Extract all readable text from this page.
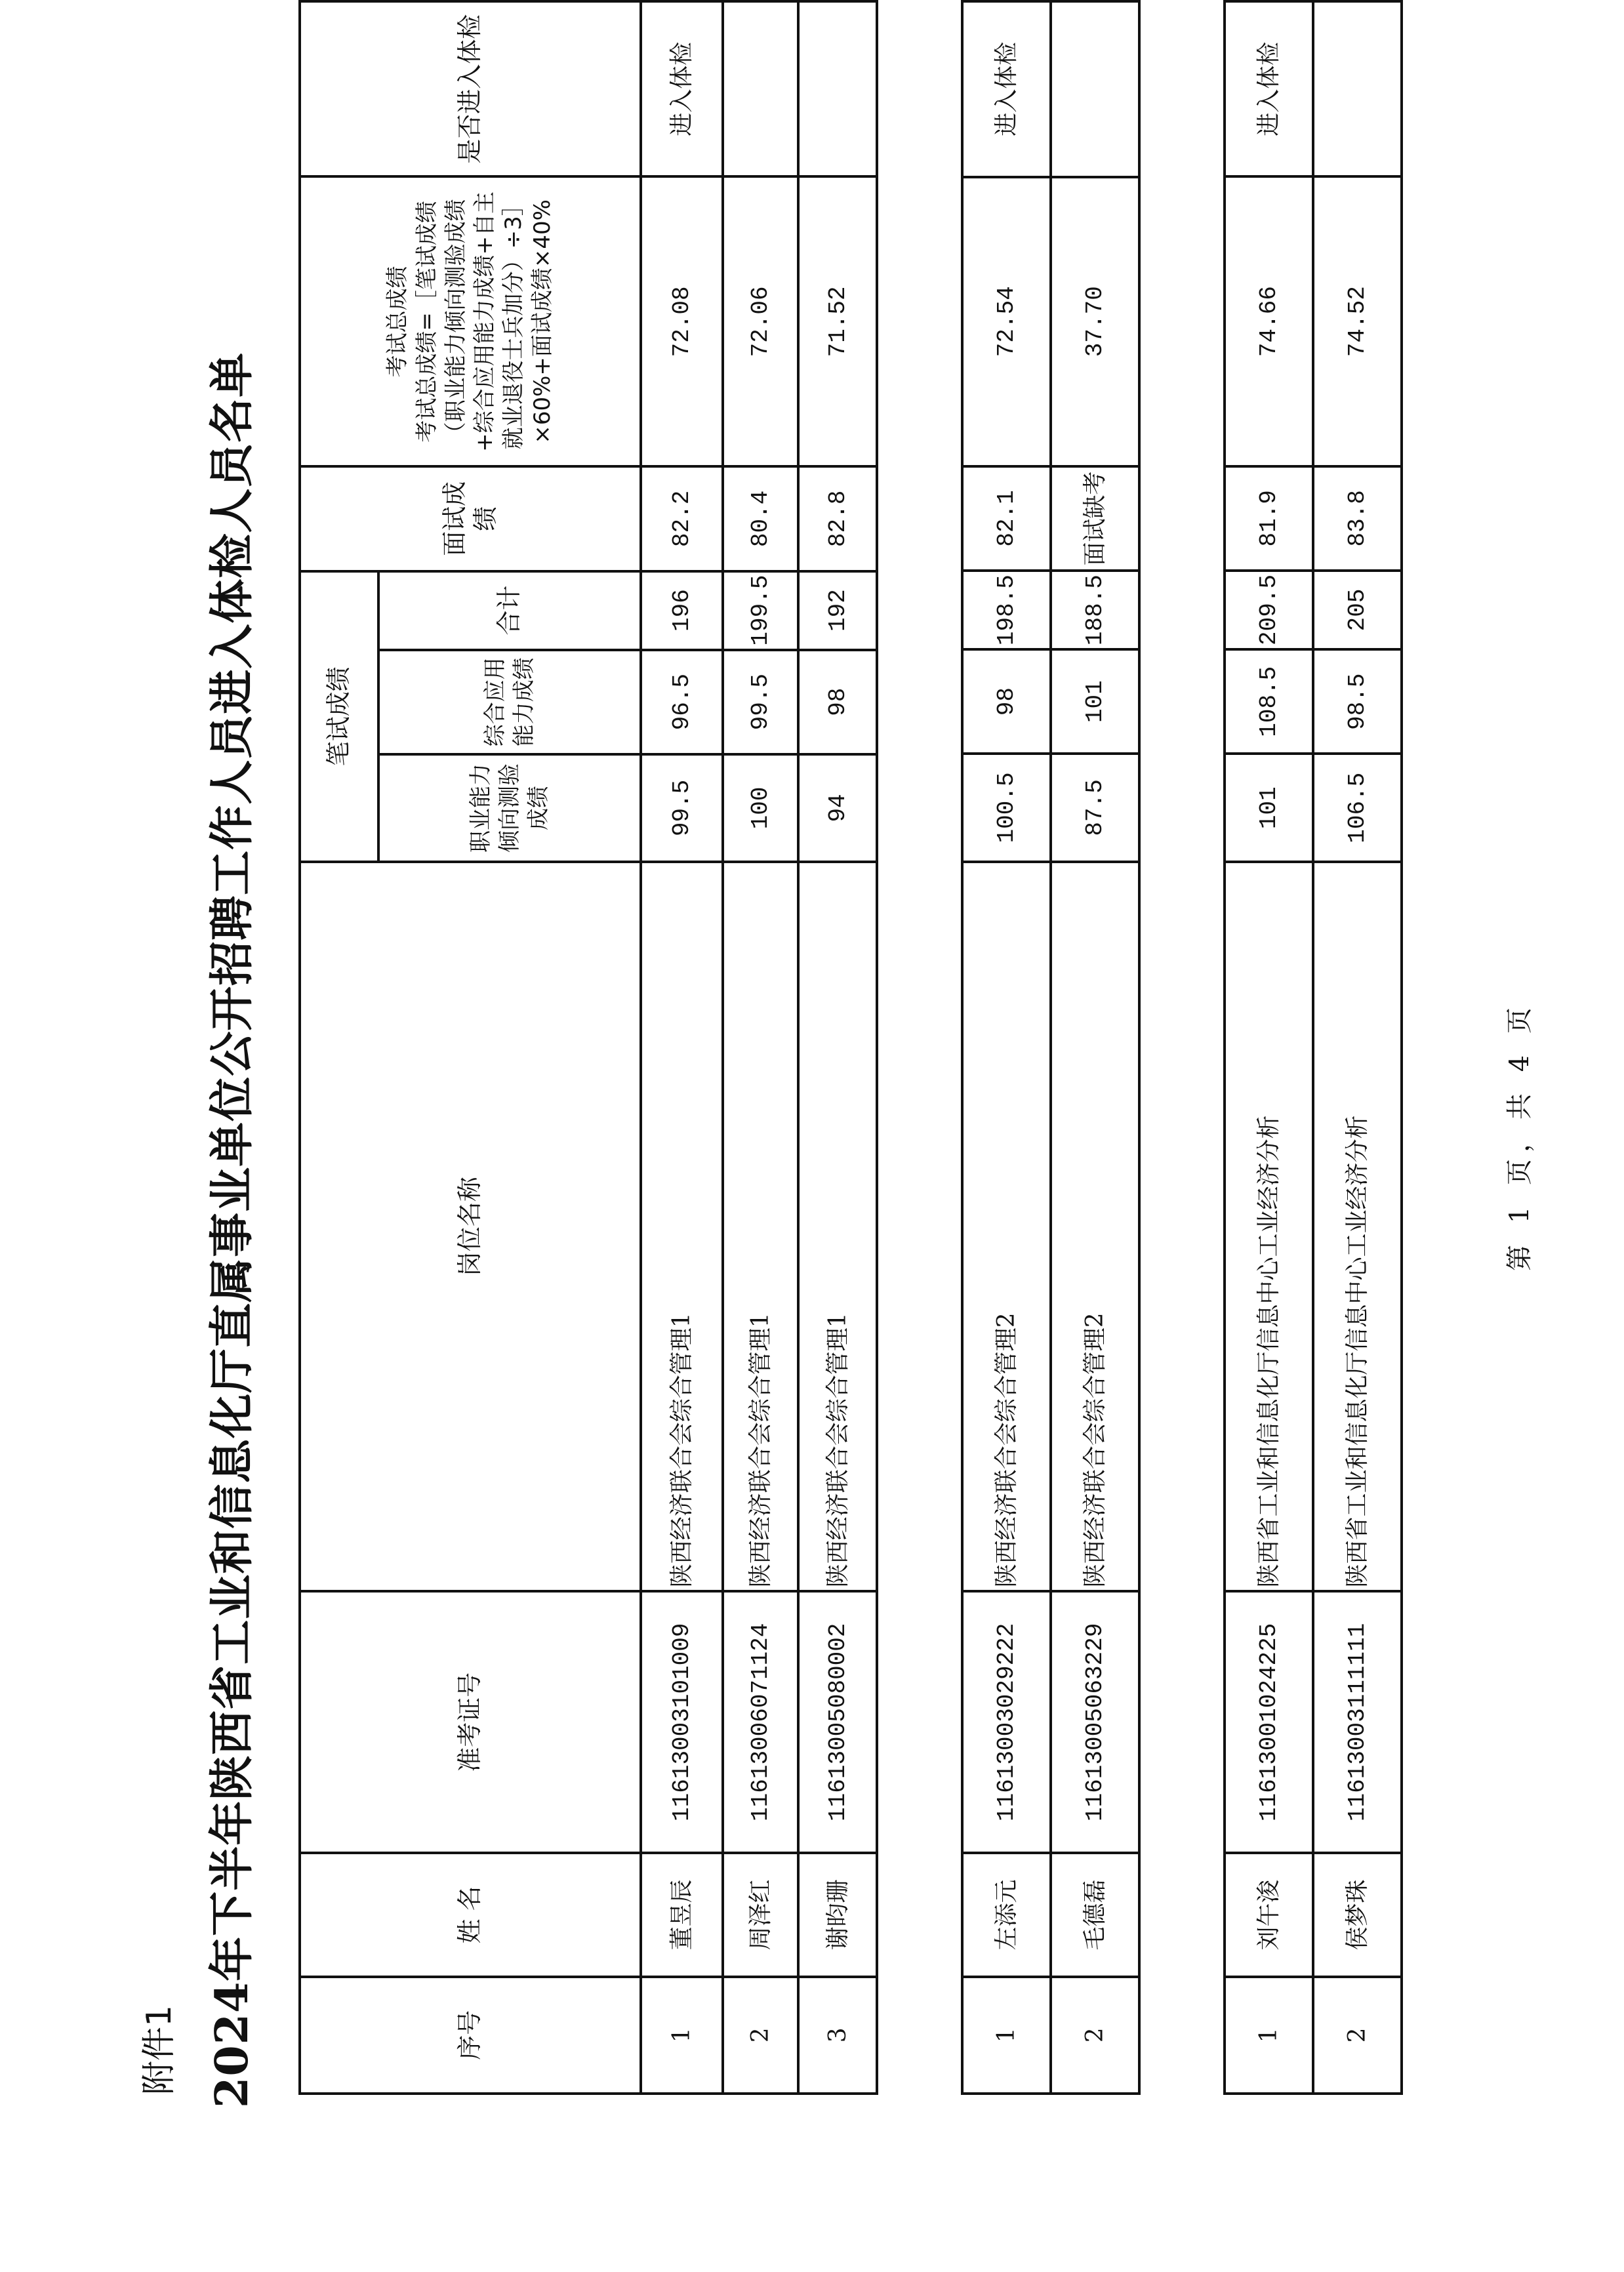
附件1 2024年下半年陕西省工业和信息化厅直属事业单位公开招聘工作人员进入体检人员名单	序号	姓 名	准考证号	岗位名称	笔试成绩			面试成绩	考试总成绩 考试总成绩=［笔试成绩（职业能力倾向测验成绩+综合应用能力成绩+自主就业退役士兵加分）÷3］×60%+面试成绩×40%	是否进入体检
				职业能力倾向测验成绩	综合应用能力成绩	合计			
1	董昱辰	11613003101009	陕西经济联合会综合管理1	99.5	96.5	196	82.2	72.08	进入体检
2	周泽红	11613006071124	陕西经济联合会综合管理1	100	99.5	199.5	80.4	72.06	
3	谢昀珊	11613005080002	陕西经济联合会综合管理1	94	98	192	82.8	71.52	
1	左添元	11613003029222	陕西经济联合会综合管理2	100.5	98	198.5	82.1	72.54	进入体检
2	毛德磊	11613005063229	陕西经济联合会综合管理2	87.5	101	188.5	面试缺考	37.70	
1	刘午浚	11613001024225	陕西省工业和信息化厅信息中心工业经济分析	101	108.5	209.5	81.9	74.66	进入体检
2	侯梦珠	11613003111111	陕西省工业和信息化厅信息中心工业经济分析	106.5	98.5	205	83.8	74.52	
第 1 页，共 4 页
